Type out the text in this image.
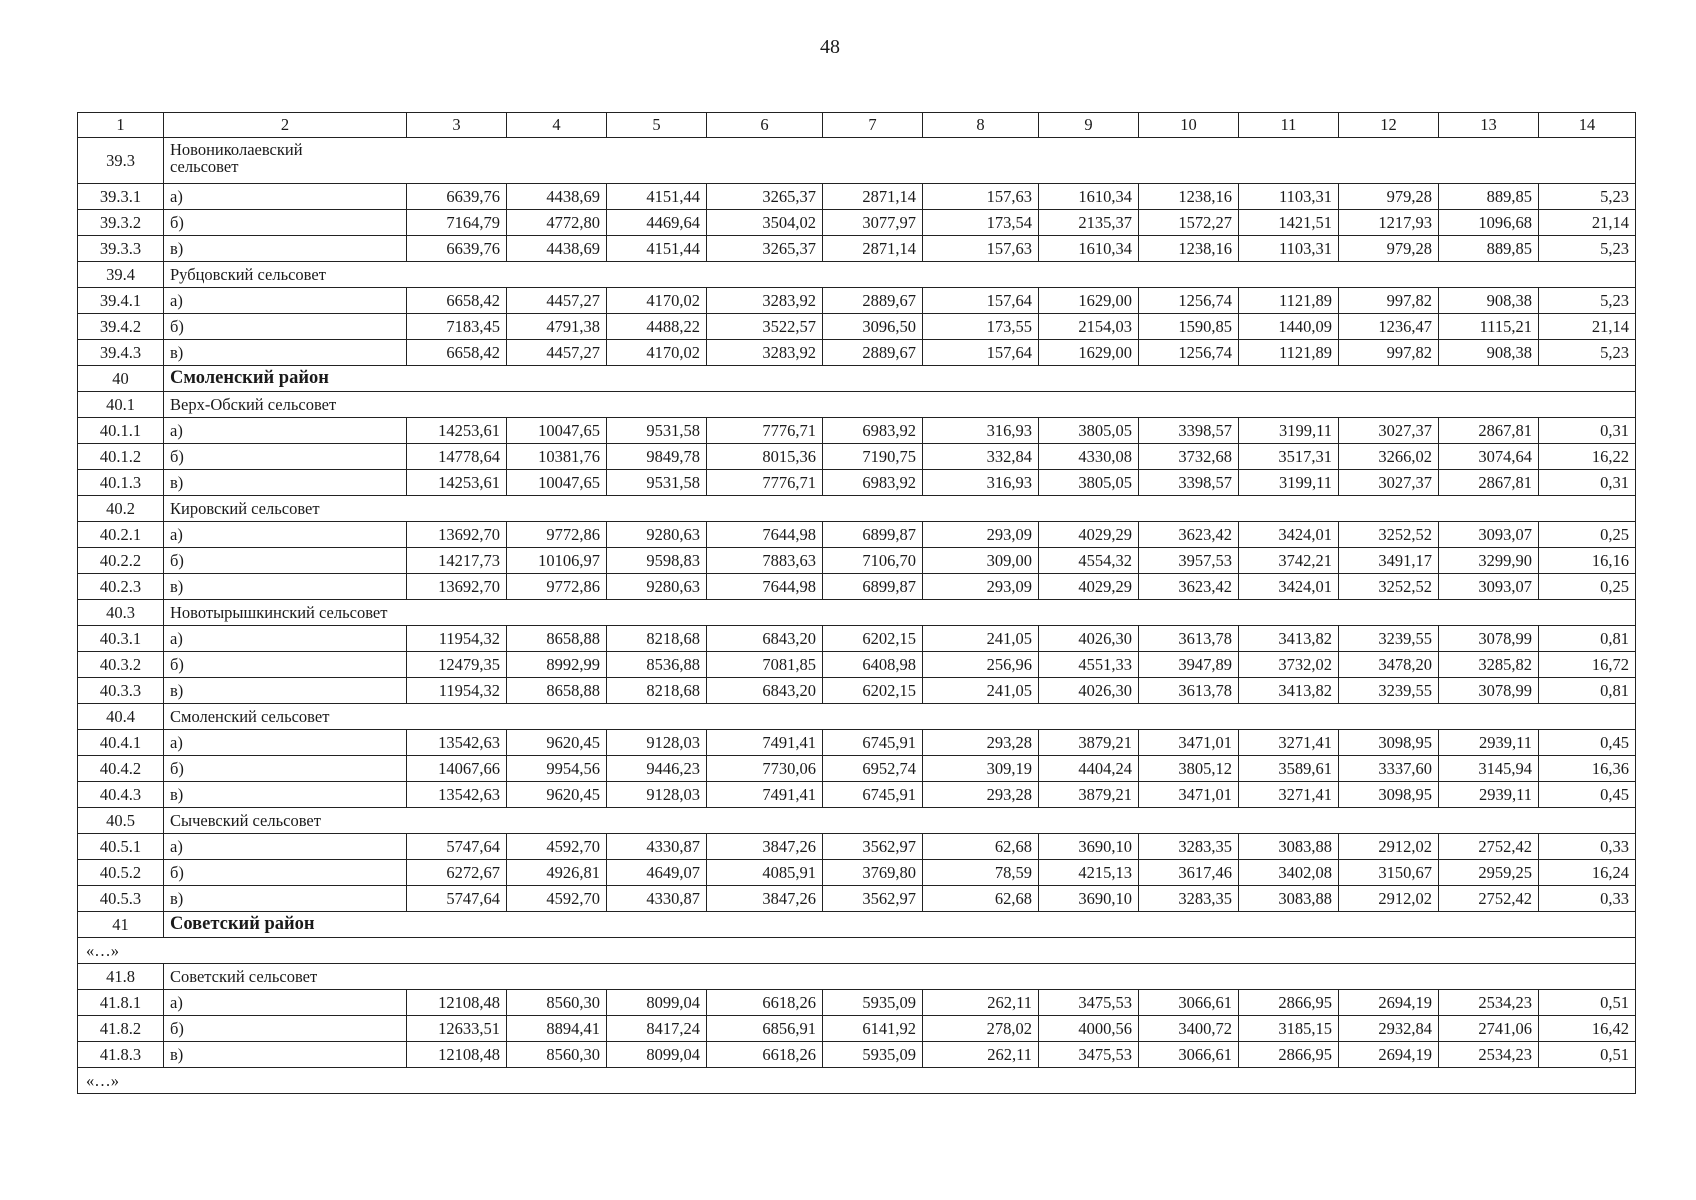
48
1	2	3	4	5	6	7	8	9	10	11	12	13	14
39.3	Новониколаевский сельсовет												

39.3.1	а)	6639,76	4438,69	4151,44	3265,37	2871,14	157,63	1610,34	1238,16	1103,31	979,28	889,85	5,23
39.3.2	б)	7164,79	4772,80	4469,64	3504,02	3077,97	173,54	2135,37	1572,27	1421,51	1217,93	1096,68	21,14
39.3.3	в)	6639,76	4438,69	4151,44	3265,37	2871,14	157,63	1610,34	1238,16	1103,31	979,28	889,85	5,23
39.4	Рубцовский сельсовет												
39.4.1	а)	6658,42	4457,27	4170,02	3283,92	2889,67	157,64	1629,00	1256,74	1121,89	997,82	908,38	5,23
39.4.2	б)	7183,45	4791,38	4488,22	3522,57	3096,50	173,55	2154,03	1590,85	1440,09	1236,47	1115,21	21,14
39.4.3	в)	6658,42	4457,27	4170,02	3283,92	2889,67	157,64	1629,00	1256,74	1121,89	997,82	908,38	5,23
40	Смоленский район												
40.1	Верх-Обский сельсовет												
40.1.1	а)	14253,61	10047,65	9531,58	7776,71	6983,92	316,93	3805,05	3398,57	3199,11	3027,37	2867,81	0,31
40.1.2	б)	14778,64	10381,76	9849,78	8015,36	7190,75	332,84	4330,08	3732,68	3517,31	3266,02	3074,64	16,22
40.1.3	в)	14253,61	10047,65	9531,58	7776,71	6983,92	316,93	3805,05	3398,57	3199,11	3027,37	2867,81	0,31
40.2	Кировский сельсовет												
40.2.1	а)	13692,70	9772,86	9280,63	7644,98	6899,87	293,09	4029,29	3623,42	3424,01	3252,52	3093,07	0,25
40.2.2	б)	14217,73	10106,97	9598,83	7883,63	7106,70	309,00	4554,32	3957,53	3742,21	3491,17	3299,90	16,16
40.2.3	в)	13692,70	9772,86	9280,63	7644,98	6899,87	293,09	4029,29	3623,42	3424,01	3252,52	3093,07	0,25
40.3	Новотырышкинский сельсовет												
40.3.1	а)	11954,32	8658,88	8218,68	6843,20	6202,15	241,05	4026,30	3613,78	3413,82	3239,55	3078,99	0,81
40.3.2	б)	12479,35	8992,99	8536,88	7081,85	6408,98	256,96	4551,33	3947,89	3732,02	3478,20	3285,82	16,72
40.3.3	в)	11954,32	8658,88	8218,68	6843,20	6202,15	241,05	4026,30	3613,78	3413,82	3239,55	3078,99	0,81
40.4	Смоленский сельсовет												
40.4.1	а)	13542,63	9620,45	9128,03	7491,41	6745,91	293,28	3879,21	3471,01	3271,41	3098,95	2939,11	0,45
40.4.2	б)	14067,66	9954,56	9446,23	7730,06	6952,74	309,19	4404,24	3805,12	3589,61	3337,60	3145,94	16,36
40.4.3	в)	13542,63	9620,45	9128,03	7491,41	6745,91	293,28	3879,21	3471,01	3271,41	3098,95	2939,11	0,45
40.5	Сычевский сельсовет												
40.5.1	а)	5747,64	4592,70	4330,87	3847,26	3562,97	62,68	3690,10	3283,35	3083,88	2912,02	2752,42	0,33
40.5.2	б)	6272,67	4926,81	4649,07	4085,91	3769,80	78,59	4215,13	3617,46	3402,08	3150,67	2959,25	16,24
40.5.3	в)	5747,64	4592,70	4330,87	3847,26	3562,97	62,68	3690,10	3283,35	3083,88	2912,02	2752,42	0,33
41	Советский район												
«…»													
41.8	Советский сельсовет												
41.8.1	а)	12108,48	8560,30	8099,04	6618,26	5935,09	262,11	3475,53	3066,61	2866,95	2694,19	2534,23	0,51
41.8.2	б)	12633,51	8894,41	8417,24	6856,91	6141,92	278,02	4000,56	3400,72	3185,15	2932,84	2741,06	16,42
41.8.3	в)	12108,48	8560,30	8099,04	6618,26	5935,09	262,11	3475,53	3066,61	2866,95	2694,19	2534,23	0,51
«…»													
